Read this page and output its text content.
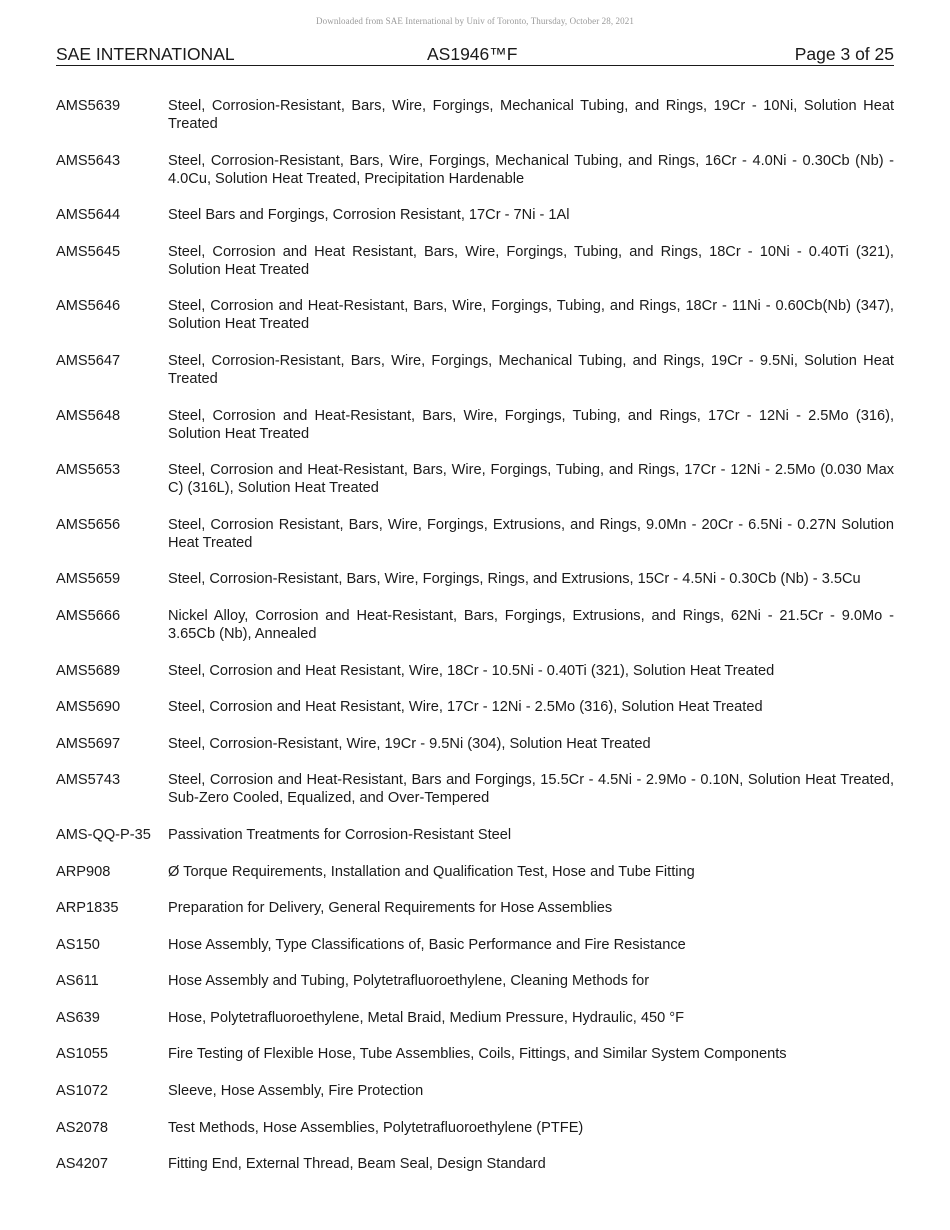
Downloaded from SAE International by Univ of Toronto, Thursday, October 28, 2021
SAE INTERNATIONAL	AS1946™F	Page 3 of 25
AMS5639	Steel, Corrosion-Resistant, Bars, Wire, Forgings, Mechanical Tubing, and Rings, 19Cr - 10Ni, Solution Heat Treated
AMS5643	Steel, Corrosion-Resistant, Bars, Wire, Forgings, Mechanical Tubing, and Rings, 16Cr - 4.0Ni - 0.30Cb (Nb) - 4.0Cu, Solution Heat Treated, Precipitation Hardenable
AMS5644	Steel Bars and Forgings, Corrosion Resistant, 17Cr - 7Ni - 1Al
AMS5645	Steel, Corrosion and Heat Resistant, Bars, Wire, Forgings, Tubing, and Rings, 18Cr - 10Ni - 0.40Ti (321), Solution Heat Treated
AMS5646	Steel, Corrosion and Heat-Resistant, Bars, Wire, Forgings, Tubing, and Rings, 18Cr - 11Ni - 0.60Cb(Nb) (347), Solution Heat Treated
AMS5647	Steel, Corrosion-Resistant, Bars, Wire, Forgings, Mechanical Tubing, and Rings, 19Cr - 9.5Ni, Solution Heat Treated
AMS5648	Steel, Corrosion and Heat-Resistant, Bars, Wire, Forgings, Tubing, and Rings, 17Cr - 12Ni - 2.5Mo (316), Solution Heat Treated
AMS5653	Steel, Corrosion and Heat-Resistant, Bars, Wire, Forgings, Tubing, and Rings, 17Cr - 12Ni - 2.5Mo (0.030 Max C) (316L), Solution Heat Treated
AMS5656	Steel, Corrosion Resistant, Bars, Wire, Forgings, Extrusions, and Rings, 9.0Mn - 20Cr - 6.5Ni - 0.27N Solution Heat Treated
AMS5659	Steel, Corrosion-Resistant, Bars, Wire, Forgings, Rings, and Extrusions, 15Cr - 4.5Ni - 0.30Cb (Nb) - 3.5Cu
AMS5666	Nickel Alloy, Corrosion and Heat-Resistant, Bars, Forgings, Extrusions, and Rings, 62Ni - 21.5Cr - 9.0Mo - 3.65Cb (Nb), Annealed
AMS5689	Steel, Corrosion and Heat Resistant, Wire, 18Cr - 10.5Ni - 0.40Ti (321), Solution Heat Treated
AMS5690	Steel, Corrosion and Heat Resistant, Wire, 17Cr - 12Ni - 2.5Mo (316), Solution Heat Treated
AMS5697	Steel, Corrosion-Resistant, Wire, 19Cr - 9.5Ni (304), Solution Heat Treated
AMS5743	Steel, Corrosion and Heat-Resistant, Bars and Forgings, 15.5Cr - 4.5Ni - 2.9Mo - 0.10N, Solution Heat Treated, Sub-Zero Cooled, Equalized, and Over-Tempered
AMS-QQ-P-35	Passivation Treatments for Corrosion-Resistant Steel
ARP908	Ø Torque Requirements, Installation and Qualification Test, Hose and Tube Fitting
ARP1835	Preparation for Delivery, General Requirements for Hose Assemblies
AS150	Hose Assembly, Type Classifications of, Basic Performance and Fire Resistance
AS611	Hose Assembly and Tubing, Polytetrafluoroethylene, Cleaning Methods for
AS639	Hose, Polytetrafluoroethylene, Metal Braid, Medium Pressure, Hydraulic, 450 °F
AS1055	Fire Testing of Flexible Hose, Tube Assemblies, Coils, Fittings, and Similar System Components
AS1072	Sleeve, Hose Assembly, Fire Protection
AS2078	Test Methods, Hose Assemblies, Polytetrafluoroethylene (PTFE)
AS4207	Fitting End, External Thread, Beam Seal, Design Standard
